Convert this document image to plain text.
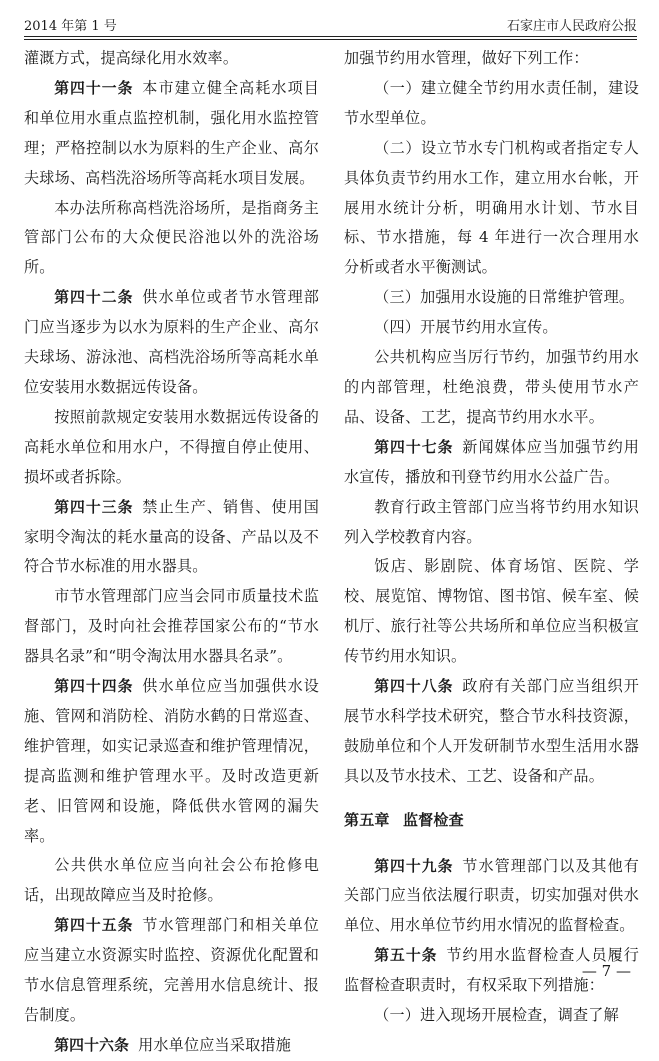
2014 年第 1 号	石家庄市人民政府公报

灌溉方式，提高绿化用水效率。

第四十一条 本市建立健全高耗水项目和单位用水重点监控机制，强化用水监控管理；严格控制以水为原料的生产企业、高尔夫球场、高档洗浴场所等高耗水项目发展。

本办法所称高档洗浴场所，是指商务主管部门公布的大众便民浴池以外的洗浴场所。

第四十二条 供水单位或者节水管理部门应当逐步为以水为原料的生产企业、高尔夫球场、游泳池、高档洗浴场所等高耗水单位安装用水数据远传设备。

按照前款规定安装用水数据远传设备的高耗水单位和用水户，不得擅自停止使用、损坏或者拆除。

第四十三条 禁止生产、销售、使用国家明令淘汰的耗水量高的设备、产品以及不符合节水标准的用水器具。

市节水管理部门应当会同市质量技术监督部门，及时向社会推荐国家公布的“节水器具名录”和“明令淘汰用水器具名录”。

第四十四条 供水单位应当加强供水设施、管网和消防栓、消防水鹤的日常巡查、维护管理，如实记录巡查和维护管理情况，提高监测和维护管理水平。及时改造更新老、旧管网和设施，降低供水管网的漏失率。

公共供水单位应当向社会公布抢修电话，出现故障应当及时抢修。

第四十五条 节水管理部门和相关单位应当建立水资源实时监控、资源优化配置和节水信息管理系统，完善用水信息统计、报告制度。

第四十六条 用水单位应当采取措施

加强节约用水管理，做好下列工作：

（一）建立健全节约用水责任制，建设节水型单位。

（二）设立节水专门机构或者指定专人具体负责节约用水工作，建立用水台帐，开展用水统计分析，明确用水计划、节水目标、节水措施，每 4 年进行一次合理用水分析或者水平衡测试。

（三）加强用水设施的日常维护管理。

（四）开展节约用水宣传。

公共机构应当厉行节约，加强节约用水的内部管理，杜绝浪费，带头使用节水产品、设备、工艺，提高节约用水水平。

第四十七条 新闻媒体应当加强节约用水宣传，播放和刊登节约用水公益广告。

教育行政主管部门应当将节约用水知识列入学校教育内容。

饭店、影剧院、体育场馆、医院、学校、展览馆、博物馆、图书馆、候车室、候机厅、旅行社等公共场所和单位应当积极宣传节约用水知识。

第四十八条 政府有关部门应当组织开展节水科学技术研究，整合节水科技资源，鼓励单位和个人开发研制节水型生活用水器具以及节水技术、工艺、设备和产品。

第五章 监督检查

第四十九条 节水管理部门以及其他有关部门应当依法履行职责，切实加强对供水单位、用水单位节约用水情况的监督检查。

第五十条 节约用水监督检查人员履行监督检查职责时，有权采取下列措施：

（一）进入现场开展检查，调查了解

— 7 —
